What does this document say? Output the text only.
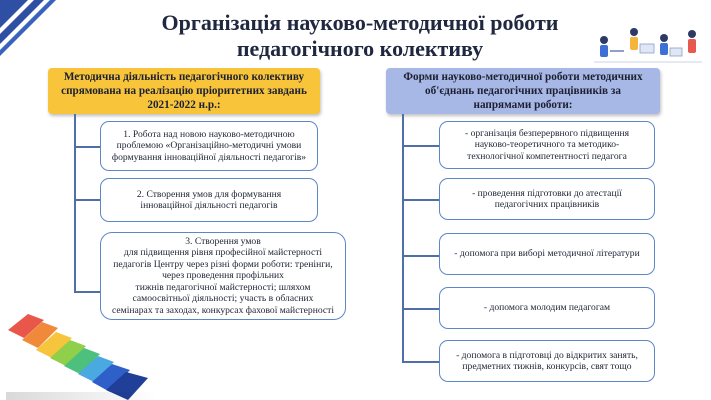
Організація науково-методичної роботи
педагогічного колективу
Методична діяльність педагогічного колективу
спрямована на реалізацію пріоритетних завдань
2021-2022 н.р.:
Форми науково-методичної роботи методичних
об'єднань педагогічних працівників за
напрямами роботи:
1. Робота над новою науково-методичною
проблемою «Організаційно-методичні умови
формування інноваційної діяльності педагогів»
2. Створення умов для формування
інноваційної діяльності педагогів
3. Створення умов
для підвищення рівня професійної майстерності
педагогів Центру через різні форми роботи: тренінги,
через проведення профільних
тижнів педагогічної майстерності; шляхом
самоосвітньої діяльності; участь в обласних
семінарах та заходах, конкурсах фахової майстерності
- організація безперервного підвищення
науково-теоретичного та методико-
технологічної компетентності педагога
- проведення підготовки до атестації
педагогічних працівників
- допомога при виборі методичної літератури
- допомога молодим педагогам
- допомога в підготовці до відкритих занять,
предметних тижнів, конкурсів, свят тощо
